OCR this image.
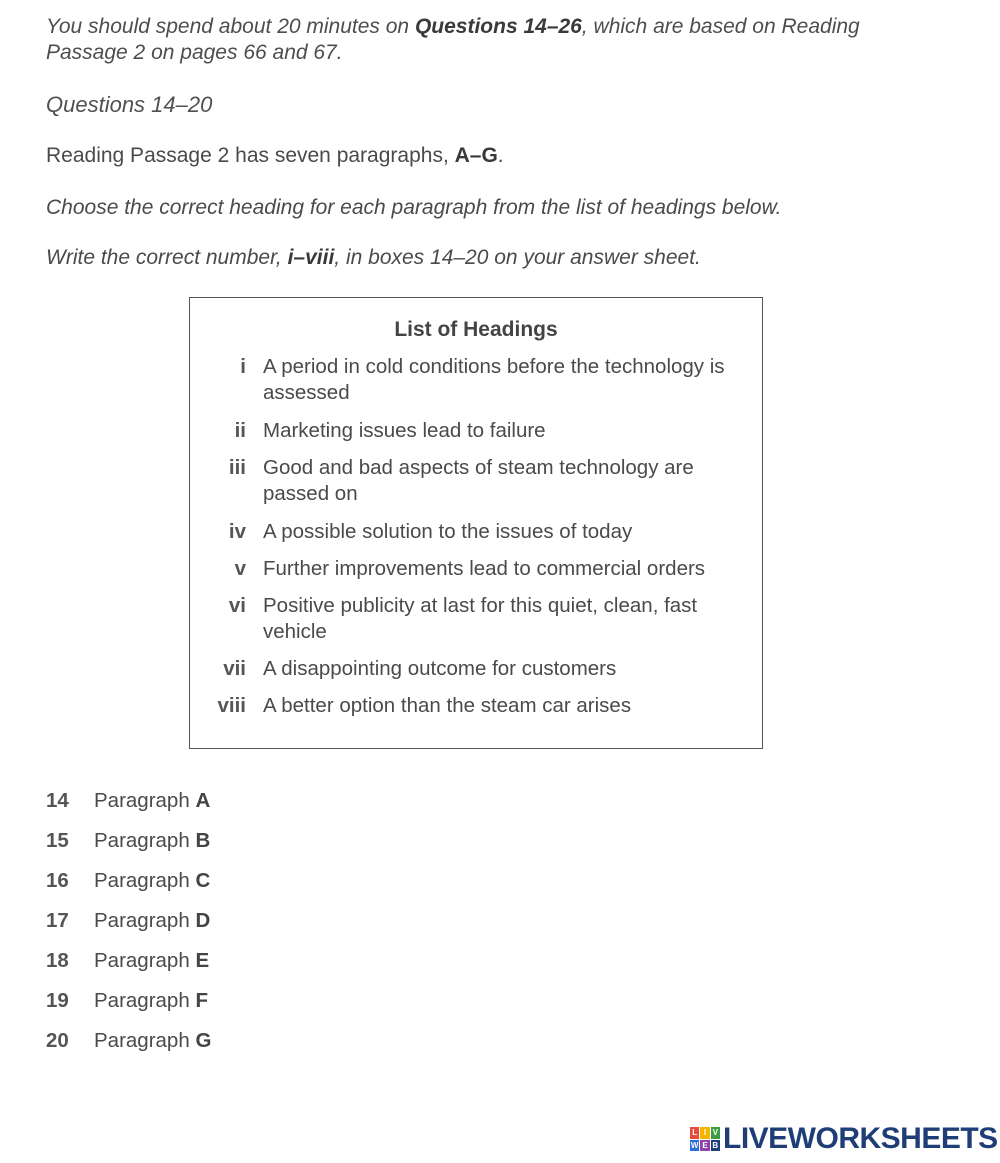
You should spend about 20 minutes on Questions 14–26, which are based on Reading Passage 2 on pages 66 and 67.
Questions 14–20
Reading Passage 2 has seven paragraphs, A–G.
Choose the correct heading for each paragraph from the list of headings below.
Write the correct number, i–viii, in boxes 14–20 on your answer sheet.
List of Headings
i A period in cold conditions before the technology is assessed
ii Marketing issues lead to failure
iii Good and bad aspects of steam technology are passed on
iv A possible solution to the issues of today
v Further improvements lead to commercial orders
vi Positive publicity at last for this quiet, clean, fast vehicle
vii A disappointing outcome for customers
viii A better option than the steam car arises
14 Paragraph A
15 Paragraph B
16 Paragraph C
17 Paragraph D
18 Paragraph E
19 Paragraph F
20 Paragraph G
L I V
W E B LIVEWORKSHEETS
